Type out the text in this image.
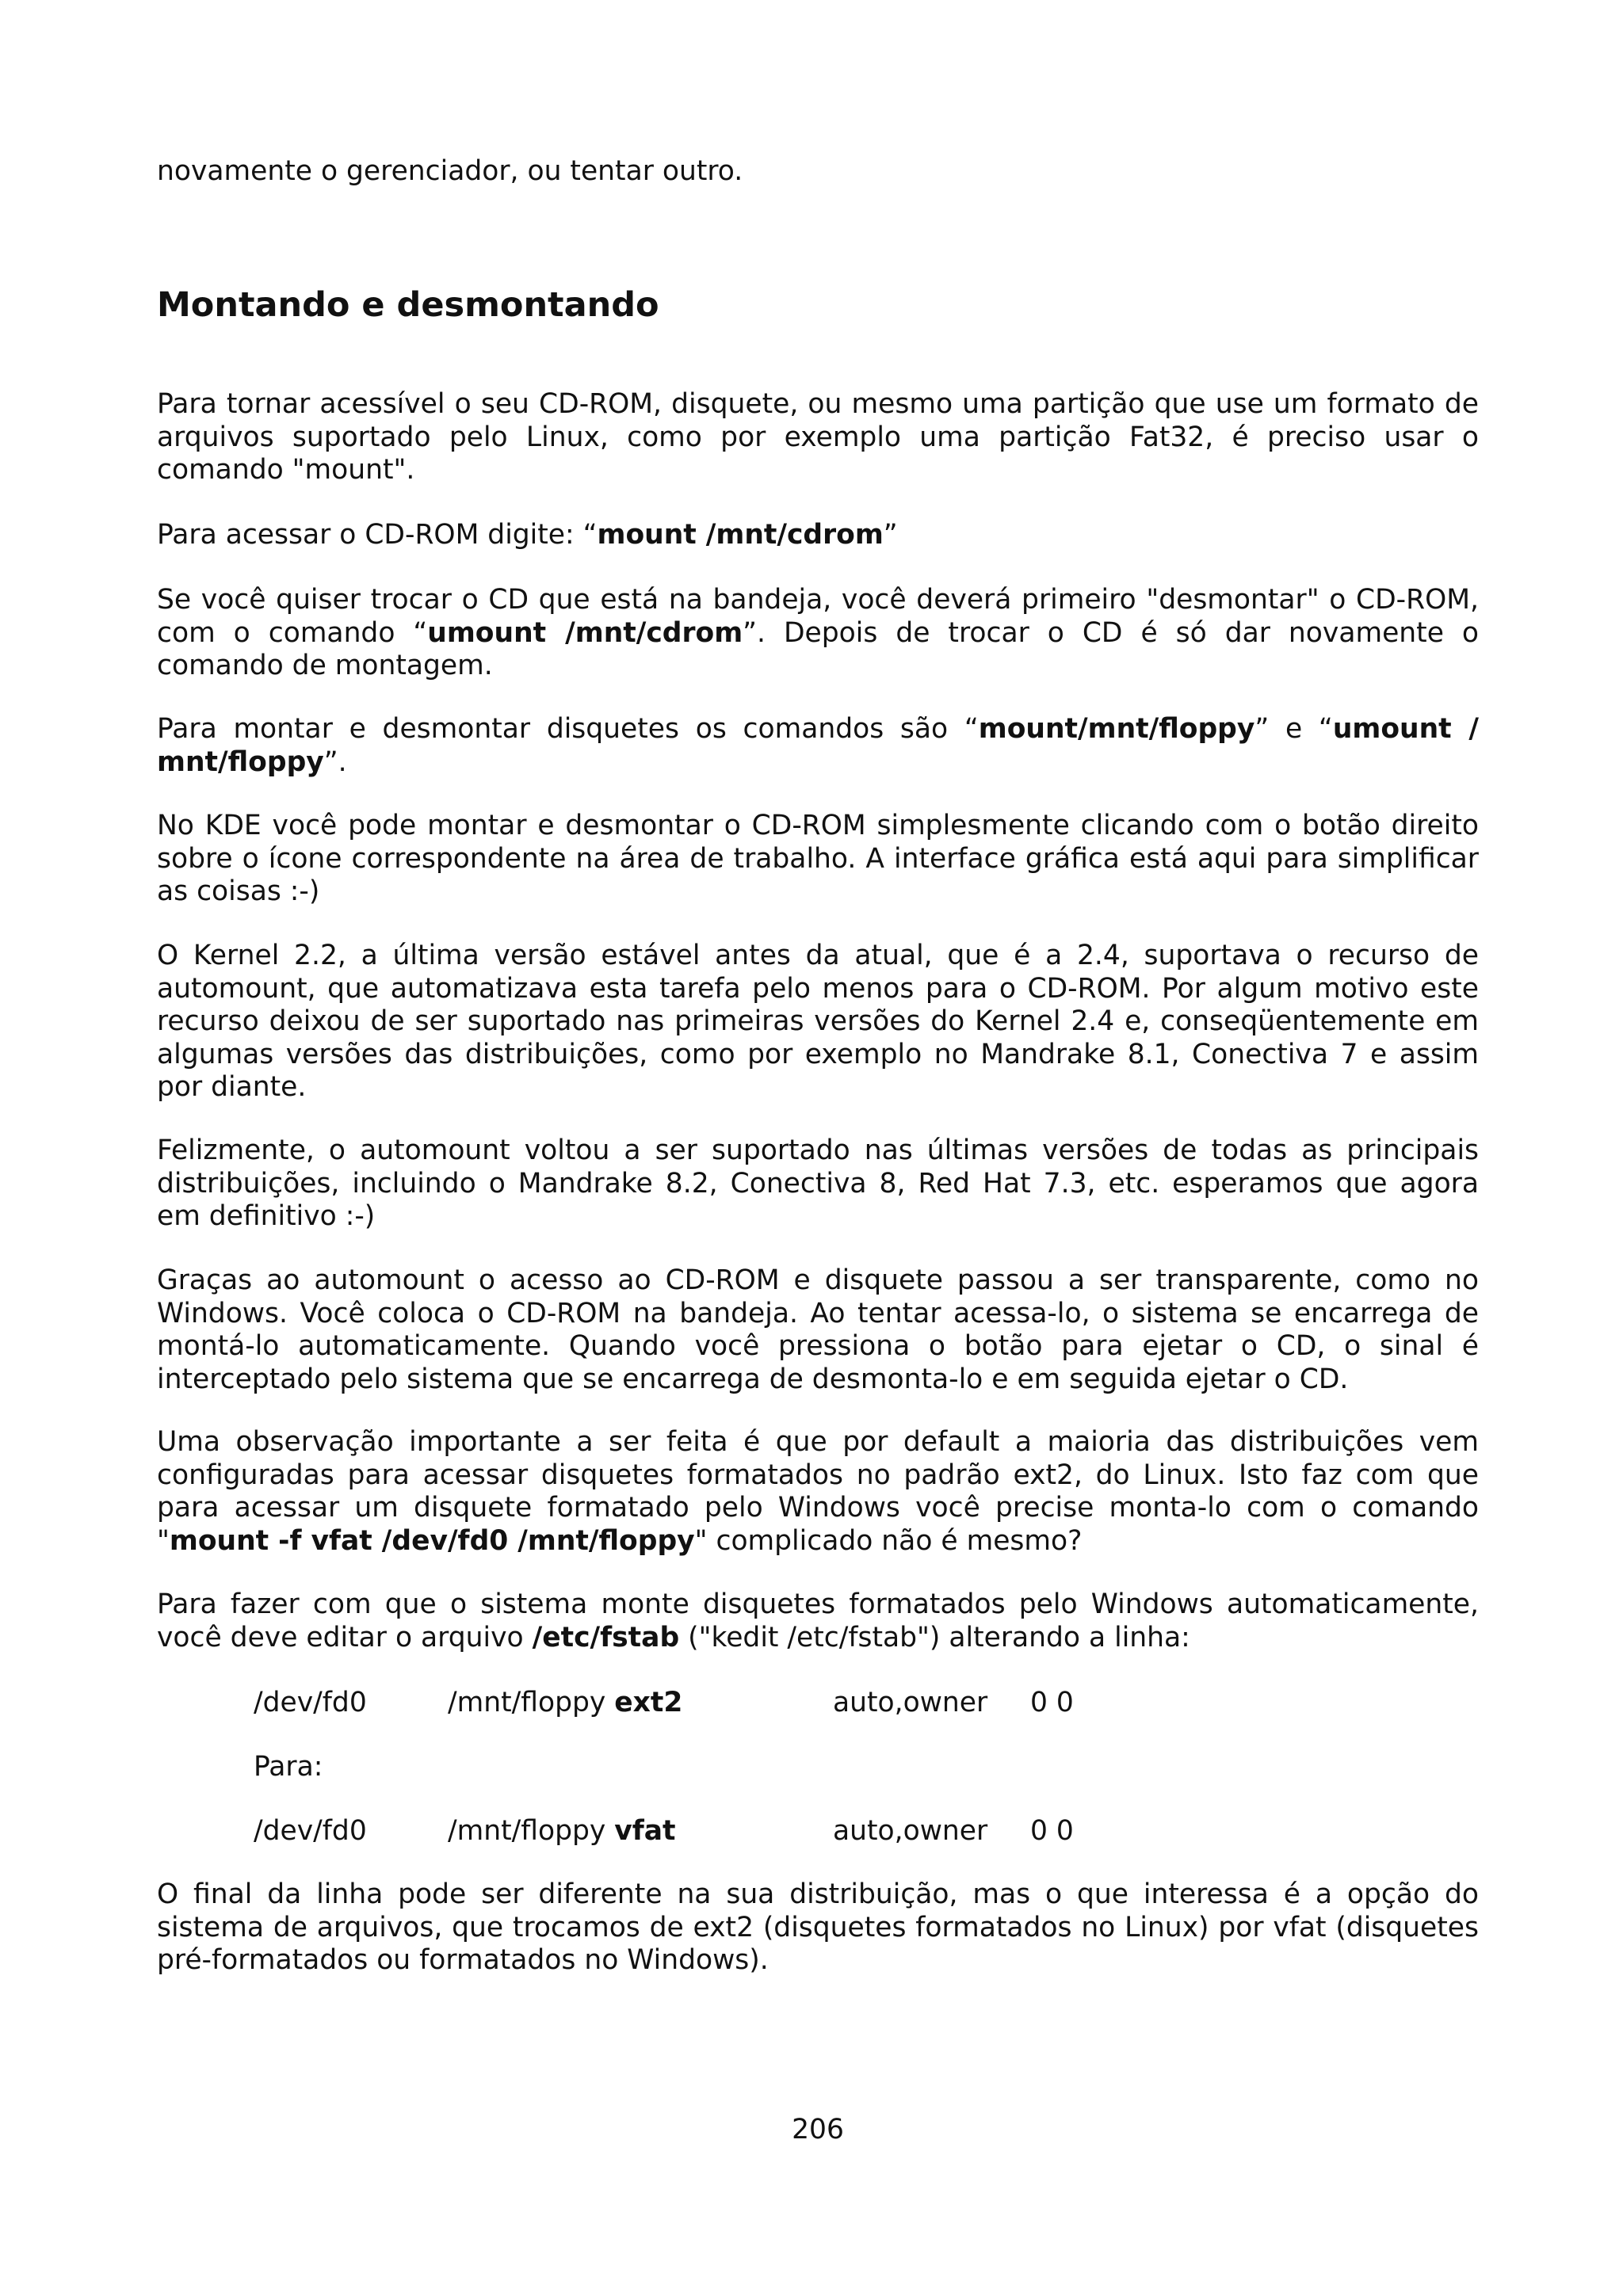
novamente o gerenciador, ou tentar outro.

Montando e desmontando

Para tornar acessível o seu CD-ROM, disquete, ou mesmo uma partição que use um formato de arquivos suportado pelo Linux, como por exemplo uma partição Fat32, é preciso usar o comando "mount".

Para acessar o CD-ROM digite: “mount /mnt/cdrom”

Se você quiser trocar o CD que está na bandeja, você deverá primeiro "desmontar" o CD-ROM, com o comando “umount /mnt/cdrom”. Depois de trocar o CD é só dar novamente o comando de montagem.

Para montar e desmontar disquetes os comandos são “mount/mnt/floppy” e “umount / mnt/floppy”.

No KDE você pode montar e desmontar o CD-ROM simplesmente clicando com o botão direito sobre o ícone correspondente na área de trabalho. A interface gráfica está aqui para simplificar as coisas :-)

O Kernel 2.2, a última versão estável antes da atual, que é a 2.4, suportava o recurso de automount, que automatizava esta tarefa pelo menos para o CD-ROM. Por algum motivo este recurso deixou de ser suportado nas primeiras versões do Kernel 2.4 e, conseqüentemente em algumas versões das distribuições, como por exemplo no Mandrake 8.1, Conectiva 7 e assim por diante.

Felizmente, o automount voltou a ser suportado nas últimas versões de todas as principais distribuições, incluindo o Mandrake 8.2, Conectiva 8, Red Hat 7.3, etc. esperamos que agora em definitivo :-)

Graças ao automount o acesso ao CD-ROM e disquete passou a ser transparente, como no Windows. Você coloca o CD-ROM na bandeja. Ao tentar acessa-lo, o sistema se encarrega de montá-lo automaticamente. Quando você pressiona o botão para ejetar o CD, o sinal é interceptado pelo sistema que se encarrega de desmonta-lo e em seguida ejetar o CD.

Uma observação importante a ser feita é que por default a maioria das distribuições vem configuradas para acessar disquetes formatados no padrão ext2, do Linux. Isto faz com que para acessar um disquete formatado pelo Windows você precise monta-lo com o comando "mount -f vfat /dev/fd0 /mnt/floppy" complicado não é mesmo?

Para fazer com que o sistema monte disquetes formatados pelo Windows automaticamente, você deve editar o arquivo /etc/fstab ("kedit /etc/fstab") alterando a linha:

/dev/fd0	/mnt/floppy ext2	auto,owner 0 0
Para:
/dev/fd0	/mnt/floppy vfat	auto,owner 0 0

O final da linha pode ser diferente na sua distribuição, mas o que interessa é a opção do sistema de arquivos, que trocamos de ext2 (disquetes formatados no Linux) por vfat (disquetes pré-formatados ou formatados no Windows).

206
